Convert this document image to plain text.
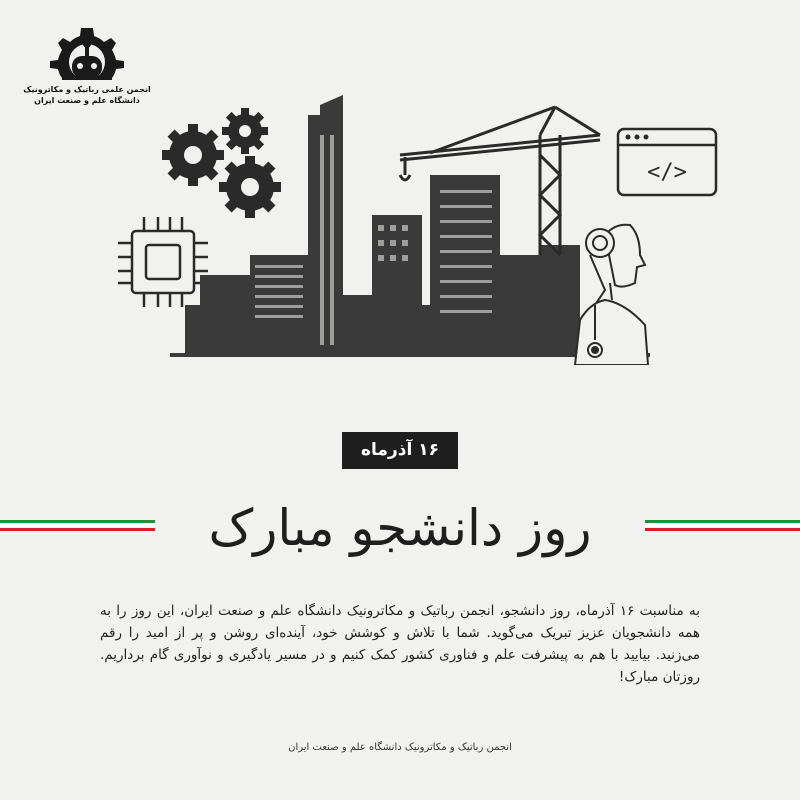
انجمن علمی رباتیک و مکاترونیک
دانشگاه علم و صنعت ایران
</>
۱۶ آذرماه
روز دانشجو مبارک

به مناسبت ۱۶ آذرماه، روز دانشجو، انجمن رباتیک و مکاترونیک دانشگاه علم و صنعت ایران، این روز را به همه دانشجویان عزیز تبریک می‌گوید. شما با تلاش و کوشش خود، آینده‌ای روشن و پر از امید را رقم می‌زنید. بیایید با هم به پیشرفت علم و فناوری کشور کمک کنیم و در مسیر یادگیری و نوآوری گام برداریم. روزتان مبارک!

انجمن رباتیک و مکاترونیک دانشگاه علم و صنعت ایران
